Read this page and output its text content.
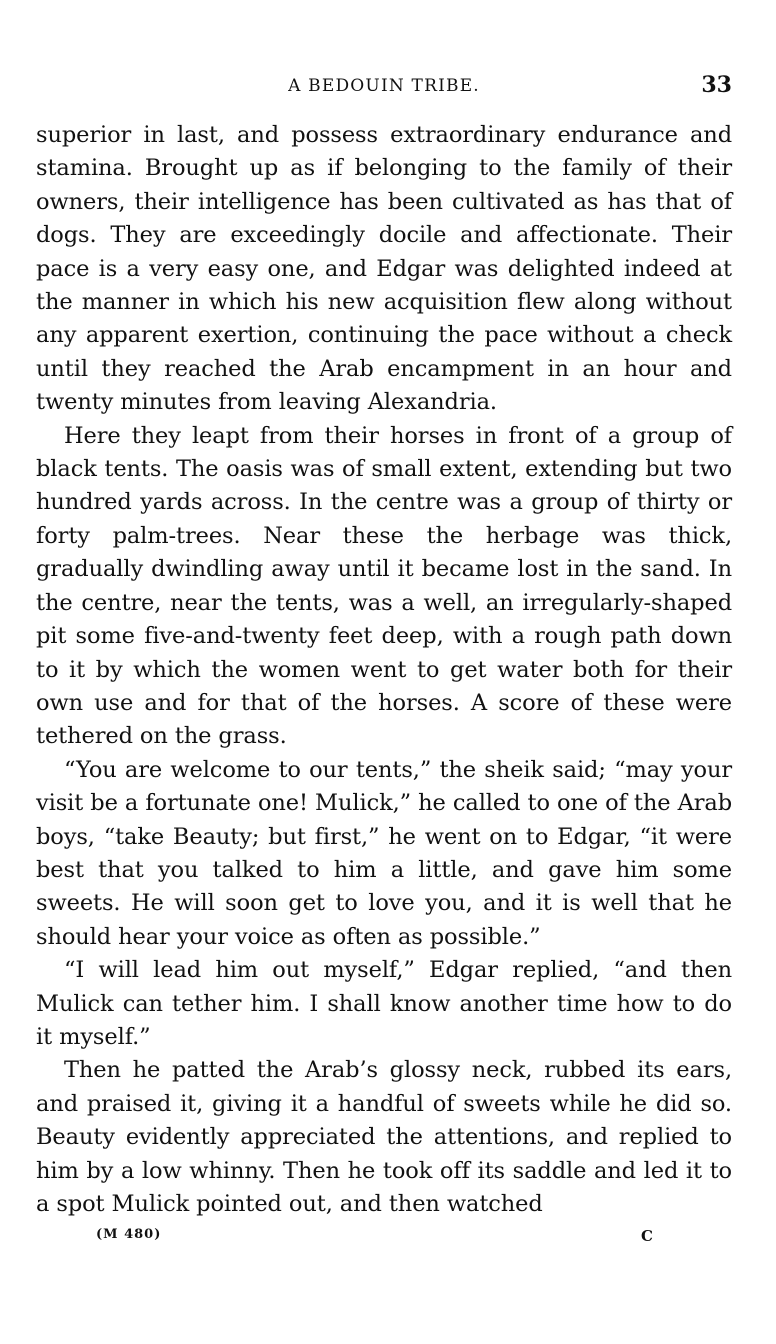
A BEDOUIN TRIBE.	33

superior in last, and possess extraordinary endurance and stamina. Brought up as if belonging to the family of their owners, their intelligence has been cultivated as has that of dogs. They are exceedingly docile and affectionate. Their pace is a very easy one, and Edgar was delighted indeed at the manner in which his new acquisition flew along without any apparent exertion, continuing the pace without a check until they reached the Arab encampment in an hour and twenty minutes from leaving Alexandria.

Here they leapt from their horses in front of a group of black tents. The oasis was of small extent, extending but two hundred yards across. In the centre was a group of thirty or forty palm-trees. Near these the herbage was thick, gradually dwindling away until it became lost in the sand. In the centre, near the tents, was a well, an irregularly-shaped pit some five-and-twenty feet deep, with a rough path down to it by which the women went to get water both for their own use and for that of the horses. A score of these were tethered on the grass.

“You are welcome to our tents,” the sheik said; “may your visit be a fortunate one! Mulick,” he called to one of the Arab boys, “take Beauty; but first,” he went on to Edgar, “it were best that you talked to him a little, and gave him some sweets. He will soon get to love you, and it is well that he should hear your voice as often as possible.”

“I will lead him out myself,” Edgar replied, “and then Mulick can tether him. I shall know another time how to do it myself.”

Then he patted the Arab’s glossy neck, rubbed its ears, and praised it, giving it a handful of sweets while he did so. Beauty evidently appreciated the attentions, and replied to him by a low whinny. Then he took off its saddle and led it to a spot Mulick pointed out, and then watched

(M 480)	C
